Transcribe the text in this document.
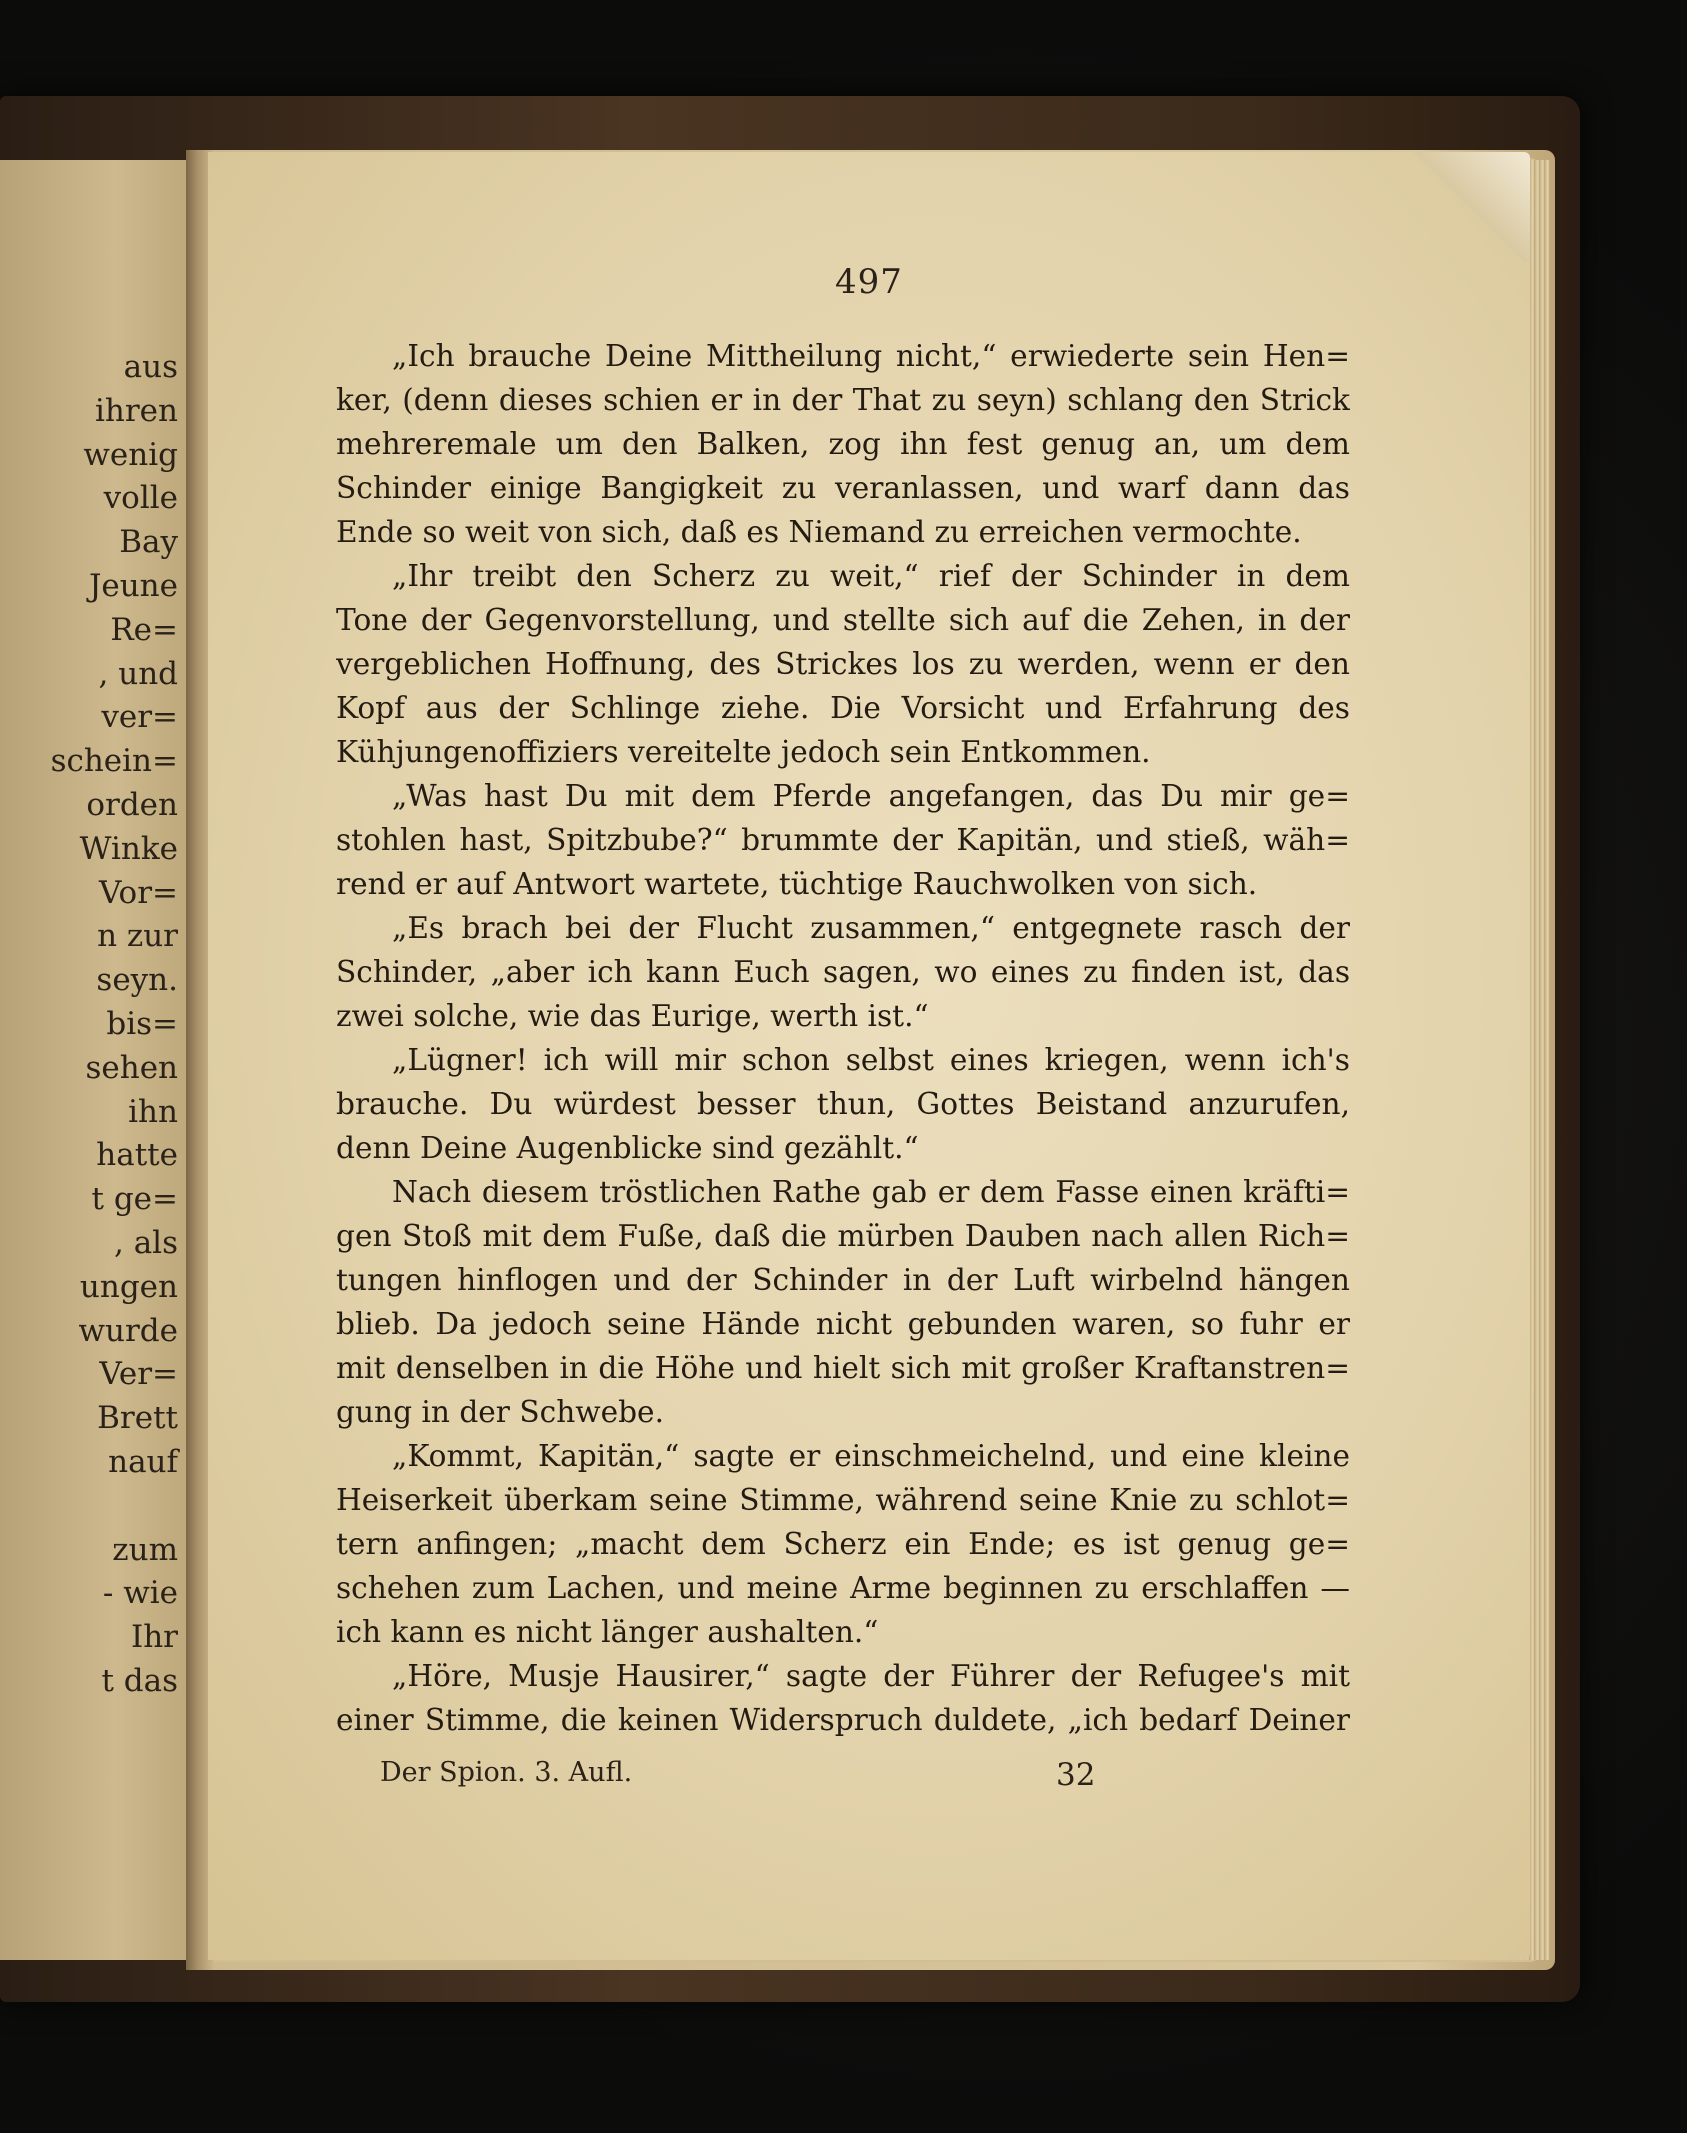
aus
ihren
wenig
volle
Bay
Jeune
Re=
, und
ver=
schein=
orden
Winke
Vor=
n zur
seyn.
bis=
sehen
ihn
hatte
t ge=
, als
ungen
wurde
Ver=
Brett
nauf

zum
- wie
Ihr
t das
497
„Ich brauche Deine Mittheilung nicht,“ erwiederte sein Hen=
ker, (denn dieses schien er in der That zu seyn) schlang den Strick
mehreremale um den Balken, zog ihn fest genug an, um dem
Schinder einige Bangigkeit zu veranlassen, und warf dann das
Ende so weit von sich, daß es Niemand zu erreichen vermochte.
„Ihr treibt den Scherz zu weit,“ rief der Schinder in dem
Tone der Gegenvorstellung, und stellte sich auf die Zehen, in der
vergeblichen Hoffnung, des Strickes los zu werden, wenn er den
Kopf aus der Schlinge ziehe. Die Vorsicht und Erfahrung des
Kühjungenoffiziers vereitelte jedoch sein Entkommen.
„Was hast Du mit dem Pferde angefangen, das Du mir ge=
stohlen hast, Spitzbube?“ brummte der Kapitän, und stieß, wäh=
rend er auf Antwort wartete, tüchtige Rauchwolken von sich.
„Es brach bei der Flucht zusammen,“ entgegnete rasch der
Schinder, „aber ich kann Euch sagen, wo eines zu finden ist, das
zwei solche, wie das Eurige, werth ist.“
„Lügner! ich will mir schon selbst eines kriegen, wenn ich's
brauche. Du würdest besser thun, Gottes Beistand anzurufen,
denn Deine Augenblicke sind gezählt.“
Nach diesem tröstlichen Rathe gab er dem Fasse einen kräfti=
gen Stoß mit dem Fuße, daß die mürben Dauben nach allen Rich=
tungen hinflogen und der Schinder in der Luft wirbelnd hängen
blieb. Da jedoch seine Hände nicht gebunden waren, so fuhr er
mit denselben in die Höhe und hielt sich mit großer Kraftanstren=
gung in der Schwebe.
„Kommt, Kapitän,“ sagte er einschmeichelnd, und eine kleine
Heiserkeit überkam seine Stimme, während seine Knie zu schlot=
tern anfingen; „macht dem Scherz ein Ende; es ist genug ge=
schehen zum Lachen, und meine Arme beginnen zu erschlaffen —
ich kann es nicht länger aushalten.“
„Höre, Musje Hausirer,“ sagte der Führer der Refugee's mit
einer Stimme, die keinen Widerspruch duldete, „ich bedarf Deiner
Der Spion. 3. Aufl.	32
